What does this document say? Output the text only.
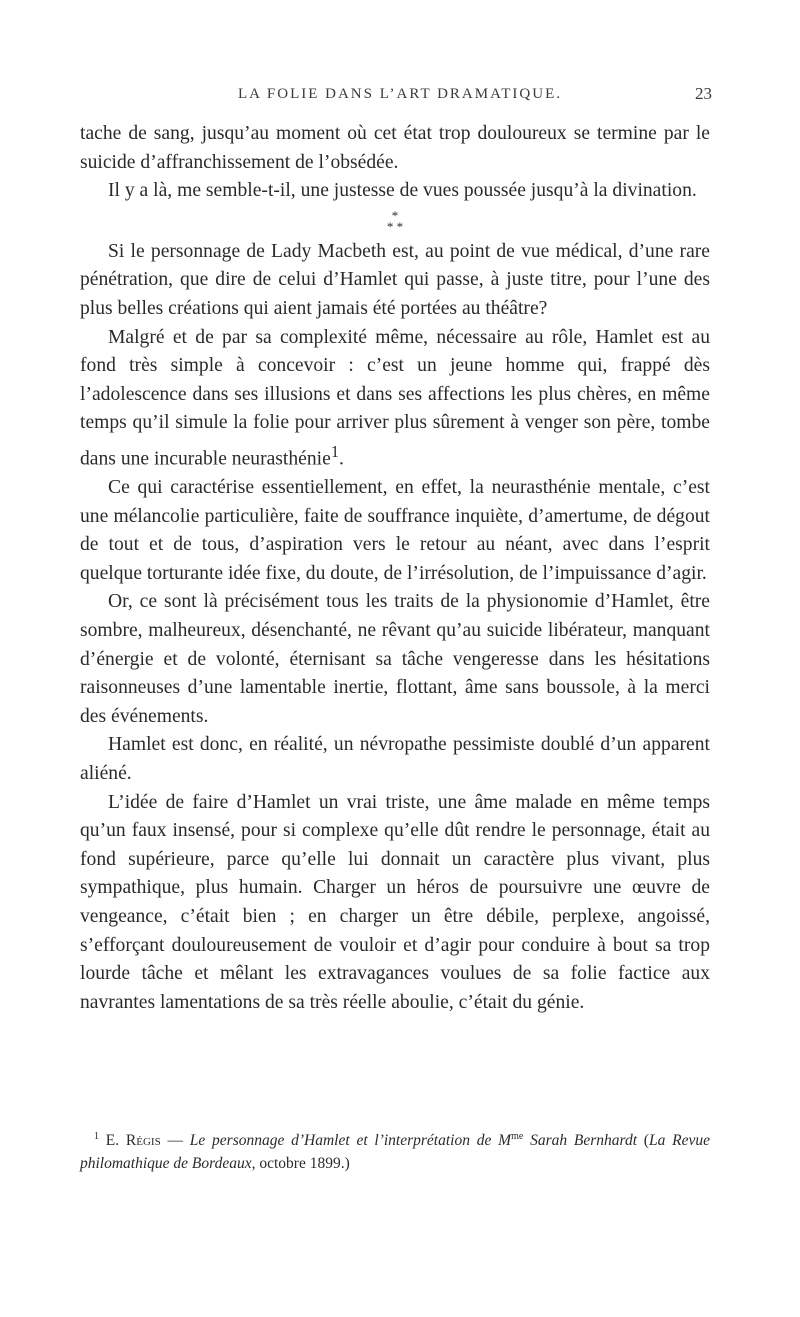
LA FOLIE DANS L’ART DRAMATIQUE.	23

tache de sang, jusqu’au moment où cet état trop douloureux se termine par le suicide d’affranchissement de l’obsédée.

Il y a là, me semble-t-il, une justesse de vues poussée jusqu’à la divination.

*
* *

Si le personnage de Lady Macbeth est, au point de vue médical, d’une rare pénétration, que dire de celui d’Hamlet qui passe, à juste titre, pour l’une des plus belles créations qui aient jamais été portées au théâtre?

Malgré et de par sa complexité même, nécessaire au rôle, Hamlet est au fond très simple à concevoir : c’est un jeune homme qui, frappé dès l’adolescence dans ses illusions et dans ses affections les plus chères, en même temps qu’il simule la folie pour arriver plus sûrement à venger son père, tombe dans une incurable neurasthénie$^1$.

Ce qui caractérise essentiellement, en effet, la neurasthénie mentale, c’est une mélancolie particulière, faite de souffrance inquiète, d’amertume, de dégout de tout et de tous, d’aspiration vers le retour au néant, avec dans l’esprit quelque torturante idée fixe, du doute, de l’irrésolution, de l’impuissance d’agir.

Or, ce sont là précisément tous les traits de la physionomie d’Hamlet, être sombre, malheureux, désenchanté, ne rêvant qu’au suicide libérateur, manquant d’énergie et de volonté, éternisant sa tâche vengeresse dans les hésitations raisonneuses d’une lamentable inertie, flottant, âme sans boussole, à la merci des événements.

Hamlet est donc, en réalité, un névropathe pessimiste doublé d’un apparent aliéné.

L’idée de faire d’Hamlet un vrai triste, une âme malade en même temps qu’un faux insensé, pour si complexe qu’elle dût rendre le personnage, était au fond supérieure, parce qu’elle lui donnait un caractère plus vivant, plus sympathique, plus humain. Charger un héros de poursuivre une œuvre de vengeance, c’était bien ; en charger un être débile, perplexe, angoissé, s’efforçant douloureusement de vouloir et d’agir pour conduire à bout sa trop lourde tâche et mêlant les extravagances voulues de sa folie factice aux navrantes lamentations de sa très réelle aboulie, c’était du génie.

$^1$ E. Régis — Le personnage d’Hamlet et l’interprétation de $M^{me}$ Sarah Bernhardt (La Revue philomathique de Bordeaux, octobre 1899.)
